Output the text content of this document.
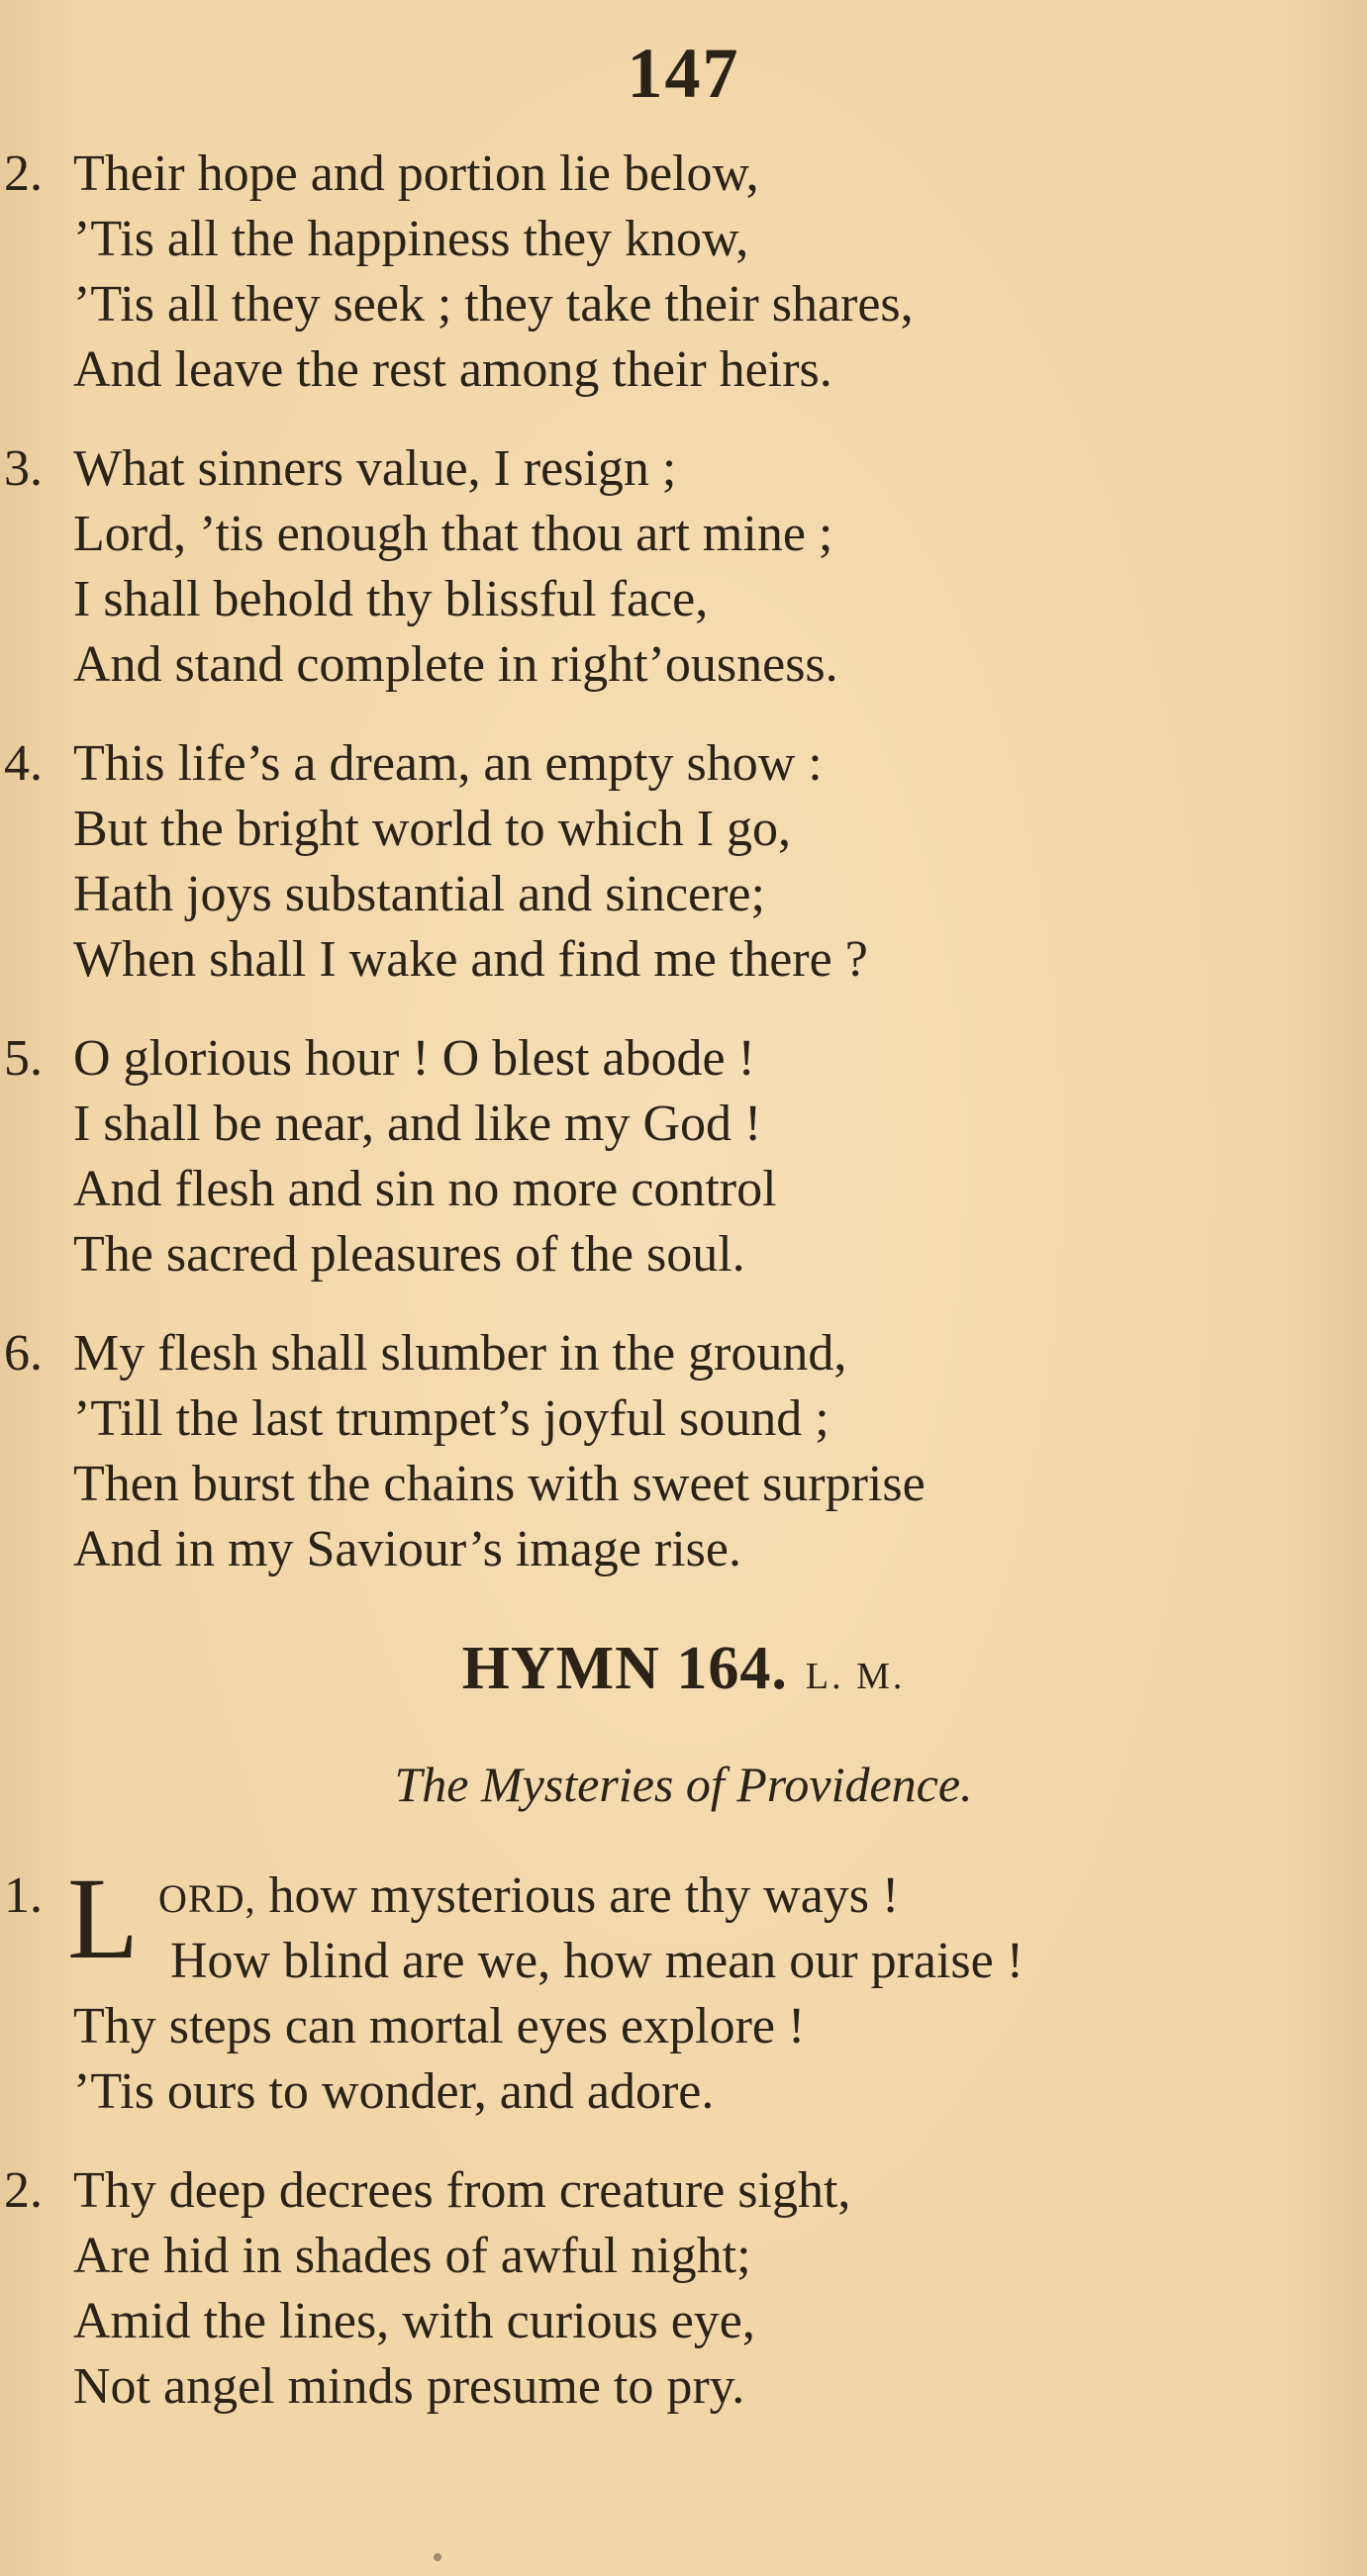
147
2. Their hope and portion lie below,
’Tis all the happiness they know,
’Tis all they seek ; they take their shares,
And leave the rest among their heirs.
3. What sinners value, I resign ;
Lord, ’tis enough that thou art mine ;
I shall behold thy blissful face,
And stand complete in right’ousness.
4. This life’s a dream, an empty show :
But the bright world to which I go,
Hath joys substantial and sincere;
When shall I wake and find me there ?
5. O glorious hour ! O blest abode !
I shall be near, and like my God !
And flesh and sin no more control
The sacred pleasures of the soul.
6. My flesh shall slumber in the ground,
’Till the last trumpet’s joyful sound ;
Then burst the chains with sweet surprise
And in my Saviour’s image rise.
HYMN 164. L. M.
The Mysteries of Providence.
1. L ORD, how mysterious are thy ways !
How blind are we, how mean our praise !
Thy steps can mortal eyes explore !
’Tis ours to wonder, and adore.
2. Thy deep decrees from creature sight,
Are hid in shades of awful night;
Amid the lines, with curious eye,
Not angel minds presume to pry.
